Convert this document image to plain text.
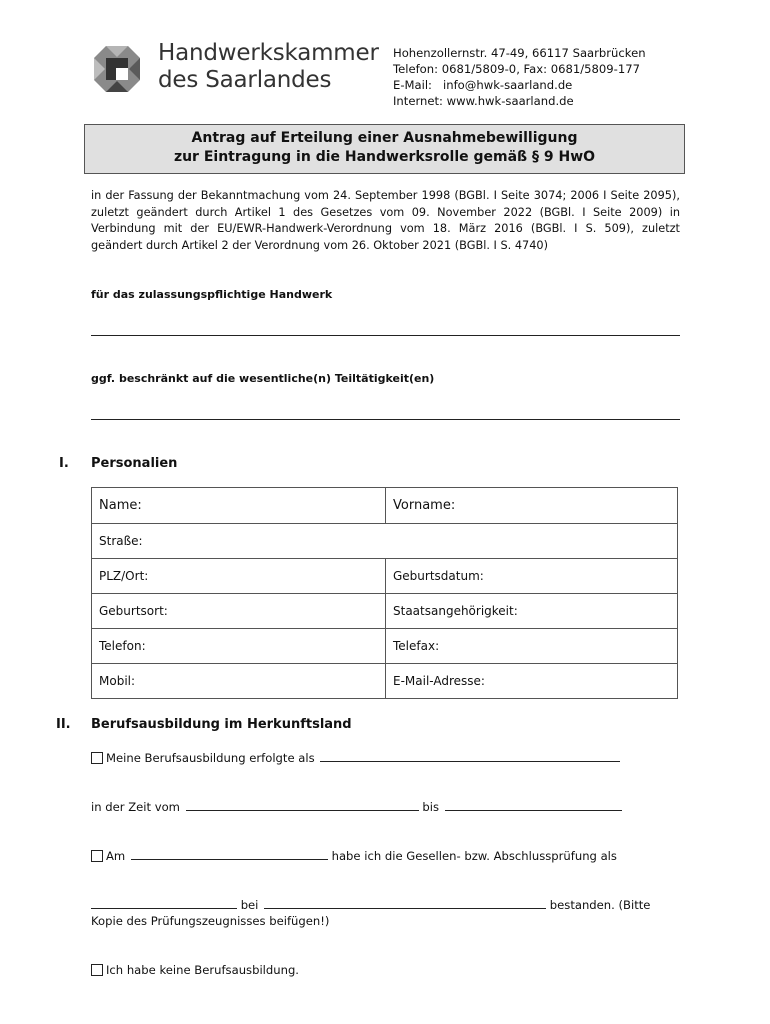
Handwerkskammer
des Saarlandes
Hohenzollernstr. 47-49, 66117 Saarbrücken
Telefon: 0681/5809-0, Fax: 0681/5809-177
E-Mail:   info@hwk-saarland.de
Internet: www.hwk-saarland.de
Antrag auf Erteilung einer Ausnahmebewilligung
zur Eintragung in die Handwerksrolle gemäß § 9 HwO
in der Fassung der Bekanntmachung vom 24. September 1998 (BGBl. I Seite 3074; 2006 I Seite 2095), zuletzt geändert durch Artikel 1 des Gesetzes vom 09. November 2022 (BGBl. I Seite 2009) in Verbindung mit der EU/EWR-Handwerk-Verordnung vom 18. März 2016 (BGBl. I S. 509), zuletzt geändert durch Artikel 2 der Verordnung vom 26. Oktober 2021 (BGBl. I S. 4740)
für das zulassungspflichtige Handwerk
ggf. beschränkt auf die wesentliche(n) Teiltätigkeit(en)
I. Personalien
Name:	Vorname:
Straße:	
PLZ/Ort:	Geburtsdatum:
Geburtsort:	Staatsangehörigkeit:
Telefon:	Telefax:
Mobil:	E-Mail-Adresse:
II. Berufsausbildung im Herkunftsland
Meine Berufsausbildung erfolgte als
in der Zeit vom	bis
Am	habe ich die Gesellen- bzw. Abschlussprüfung als
bei	bestanden. (Bitte
Kopie des Prüfungszeugnisses beifügen!)
Ich habe keine Berufsausbildung.
